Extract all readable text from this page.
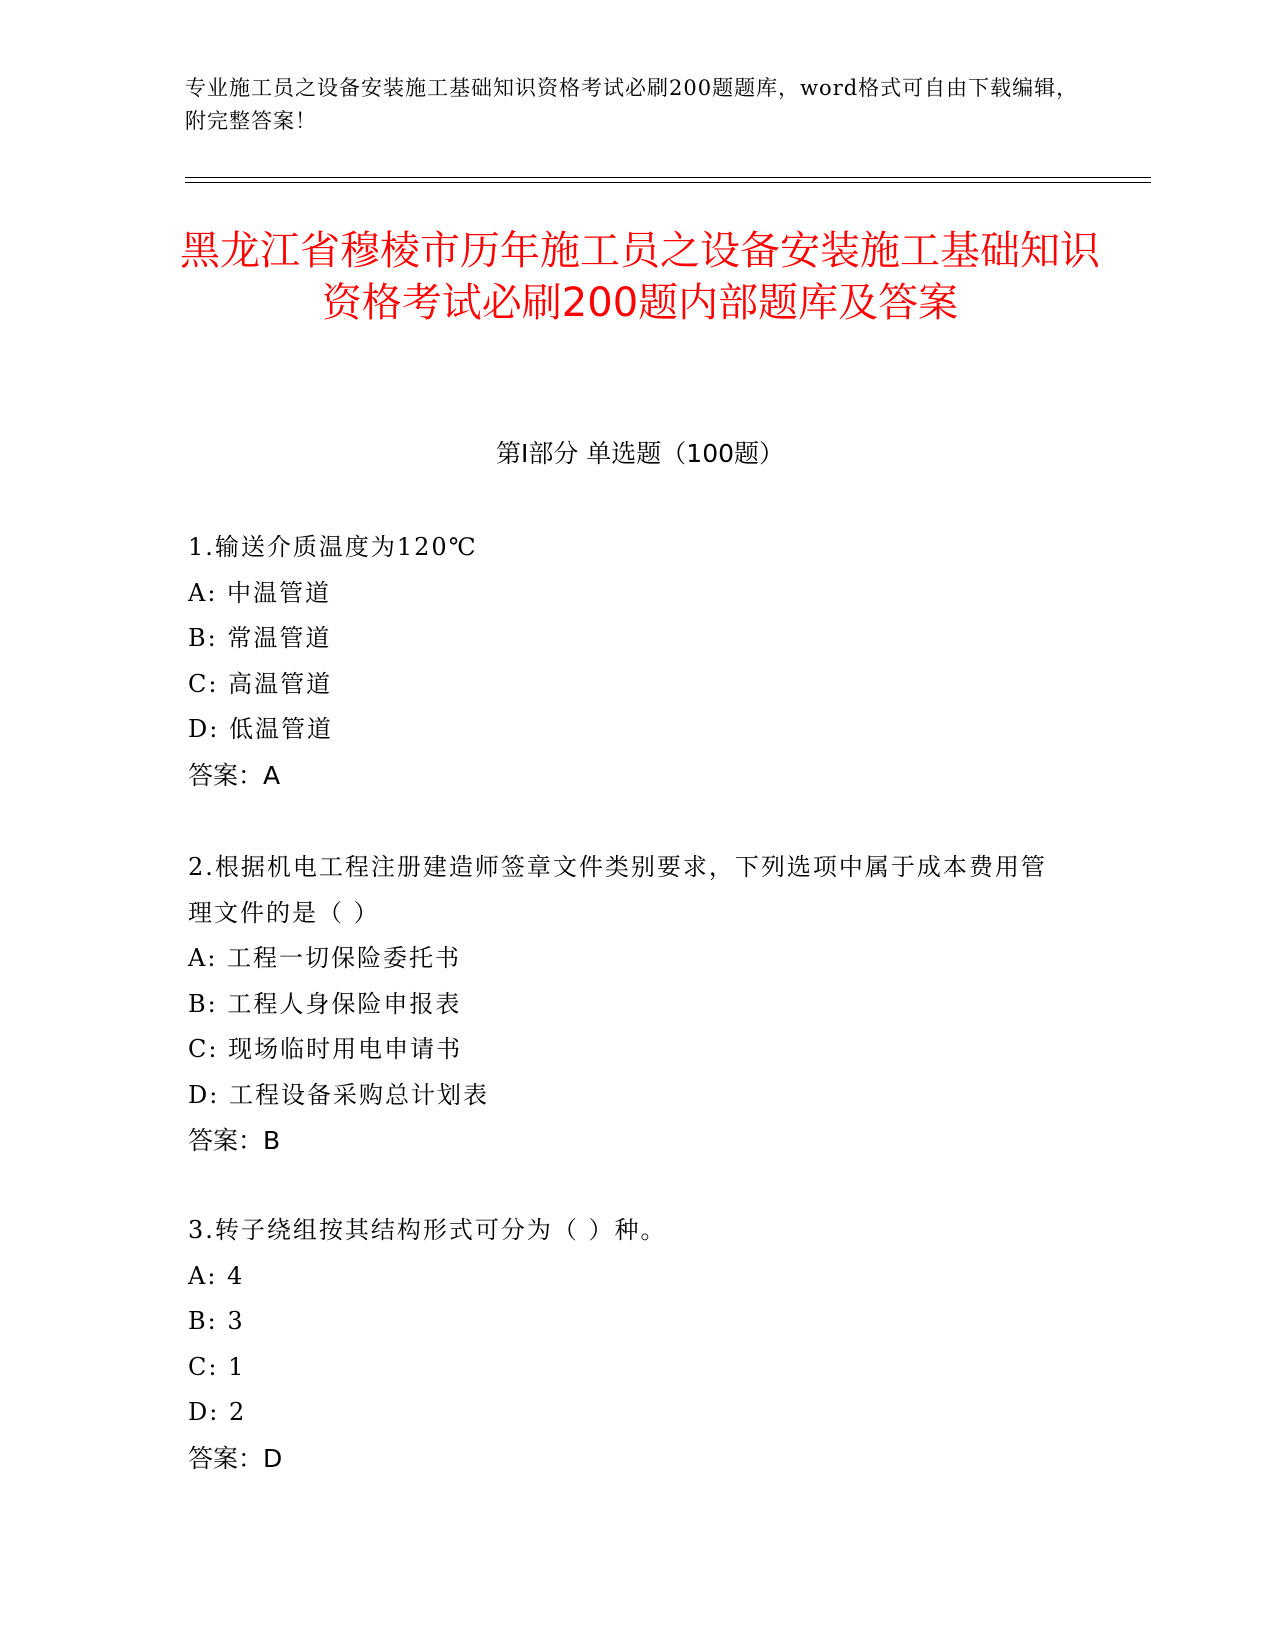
专业施工员之设备安装施工基础知识资格考试必刷200题题库，word格式可自由下载编辑，附完整答案！
黑龙江省穆棱市历年施工员之设备安装施工基础知识资格考试必刷200题内部题库及答案
第I部分 单选题（100题）
1.输送介质温度为120℃
A: 中温管道
B: 常温管道
C: 高温管道
D: 低温管道
答案：A
2.根据机电工程注册建造师签章文件类别要求，下列选项中属于成本费用管理文件的是（ ）
A: 工程一切保险委托书
B: 工程人身保险申报表
C: 现场临时用电申请书
D: 工程设备采购总计划表
答案：B
3.转子绕组按其结构形式可分为（ ）种。
A: 4
B: 3
C: 1
D: 2
答案：D
